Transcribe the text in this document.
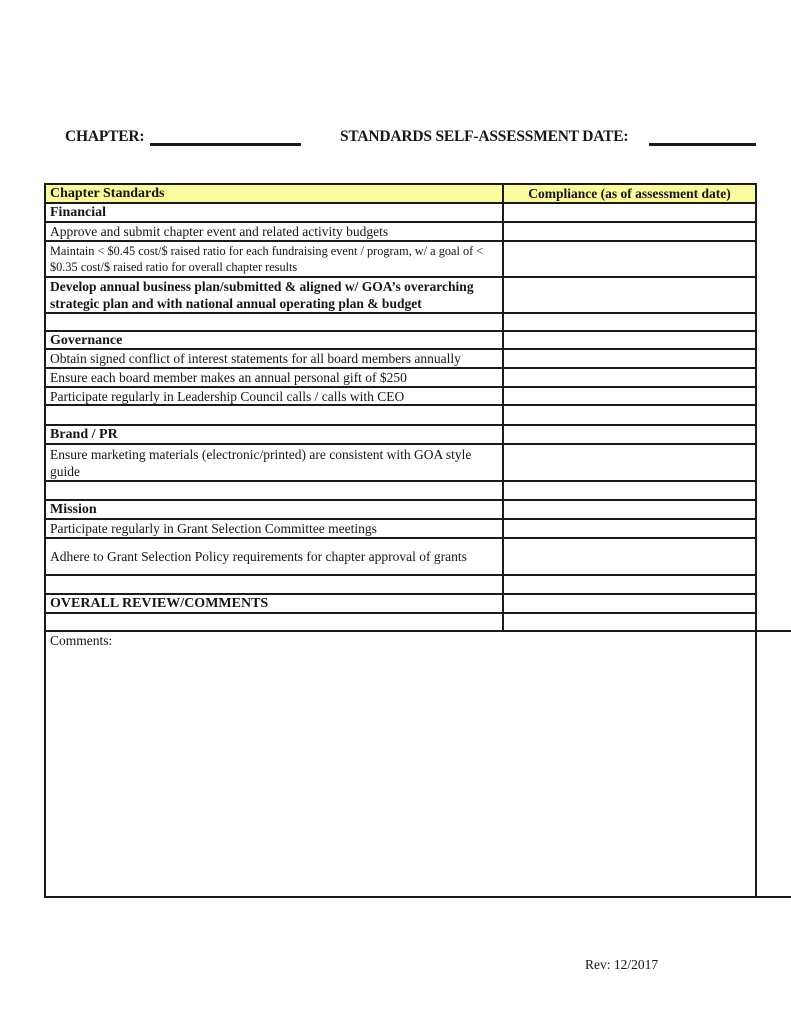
CHAPTER:	STANDARDS SELF-ASSESSMENT DATE:
Chapter Standards	Compliance (as of assessment date)
Financial
Approve and submit chapter event and related activity budgets
Maintain < $0.45 cost/$ raised ratio for each fundraising event / program, w/ a goal of < $0.35 cost/$ raised ratio for overall chapter results
Develop annual business plan/submitted & aligned w/ GOA’s overarching strategic plan and with national annual operating plan & budget
Governance
Obtain signed conflict of interest statements for all board members annually
Ensure each board member makes an annual personal gift of $250
Participate regularly in Leadership Council calls / calls with CEO
Brand / PR
Ensure marketing materials (electronic/printed) are consistent with GOA style guide
Mission
Participate regularly in Grant Selection Committee meetings
Adhere to Grant Selection Policy requirements for chapter approval of grants
OVERALL REVIEW/COMMENTS
Comments:
Rev: 12/2017
